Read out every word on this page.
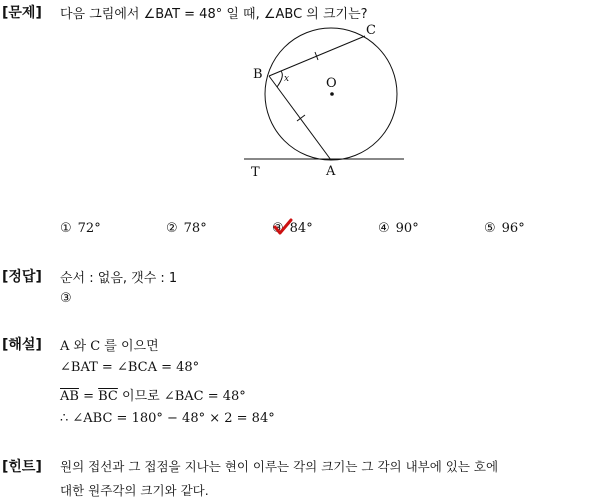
[문제] 다음 그림에서 ∠BAT = 48° 일 때, ∠ABC 의 크기는?
C
B x	O
T	A
① 72°	② 78°	③ 84°	④ 90°	⑤ 96°
[정답] 순서 : 없음, 갯수 : 1
③
[해설] A 와 C 를 이으면
∠BAT = ∠BCA = 48°
$\overline{AB} = \overline{BC}$ 이므로 ∠BAC = 48°
∴ ∠ABC = 180° − 48° × 2 = 84°
[힌트] 원의 접선과 그 접점을 지나는 현이 이루는 각의 크기는 그 각의 내부에 있는 호에
대한 원주각의 크기와 같다.
